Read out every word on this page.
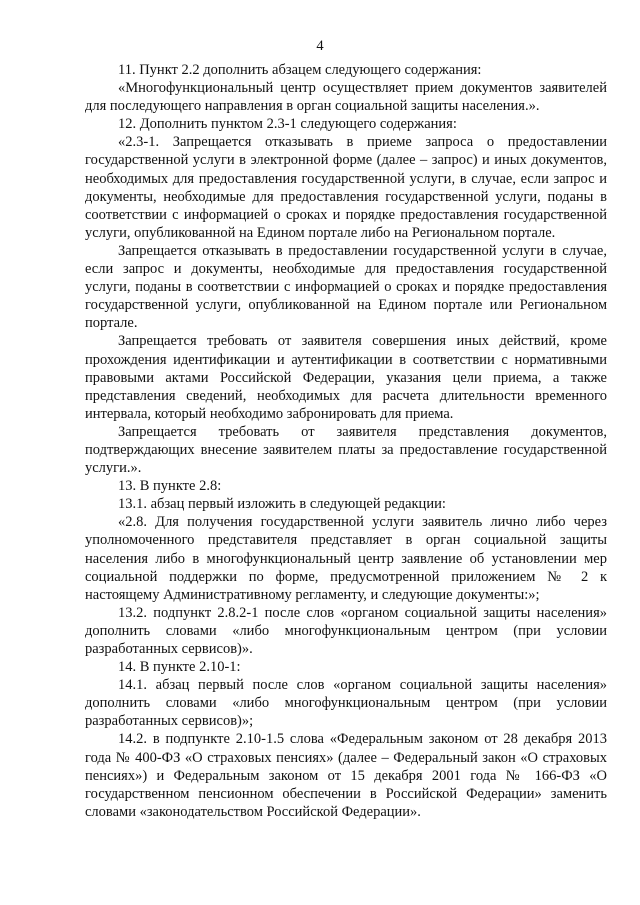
4

11. Пункт 2.2 дополнить абзацем следующего содержания:

«Многофункциональный центр осуществляет прием документов заявителей для последующего направления в орган социальной защиты населения.».

12. Дополнить пунктом 2.3-1 следующего содержания:

«2.3-1. Запрещается отказывать в приеме запроса о предоставлении государственной услуги в электронной форме (далее – запрос) и иных документов, необходимых для предоставления государственной услуги, в случае, если запрос и документы, необходимые для предоставления государственной услуги, поданы в соответствии с информацией о сроках и порядке предоставления государственной услуги, опубликованной на Едином портале либо на Региональном портале.

Запрещается отказывать в предоставлении государственной услуги в случае, если запрос и документы, необходимые для предоставления государственной услуги, поданы в соответствии с информацией о сроках и порядке предоставления государственной услуги, опубликованной на Едином портале или Региональном портале.

Запрещается требовать от заявителя совершения иных действий, кроме прохождения идентификации и аутентификации в соответствии с нормативными правовыми актами Российской Федерации, указания цели приема, а также представления сведений, необходимых для расчета длительности временного интервала, который необходимо забронировать для приема.

Запрещается требовать от заявителя представления документов, подтверждающих внесение заявителем платы за предоставление государственной услуги.».

13. В пункте 2.8:

13.1. абзац первый изложить в следующей редакции:

«2.8. Для получения государственной услуги заявитель лично либо через уполномоченного представителя представляет в орган социальной защиты населения либо в многофункциональный центр заявление об установлении мер социальной поддержки по форме, предусмотренной приложением № 2 к настоящему Административному регламенту, и следующие документы:»;

13.2. подпункт 2.8.2-1 после слов «органом социальной защиты населения» дополнить словами «либо многофункциональным центром (при условии разработанных сервисов)».

14. В пункте 2.10-1:

14.1. абзац первый после слов «органом социальной защиты населения» дополнить словами «либо многофункциональным центром (при условии разработанных сервисов)»;

14.2. в подпункте 2.10-1.5 слова «Федеральным законом от 28 декабря 2013 года № 400-ФЗ «О страховых пенсиях» (далее – Федеральный закон «О страховых пенсиях») и Федеральным законом от 15 декабря 2001 года № 166-ФЗ «О государственном пенсионном обеспечении в Российской Федерации» заменить словами «законодательством Российской Федерации».
